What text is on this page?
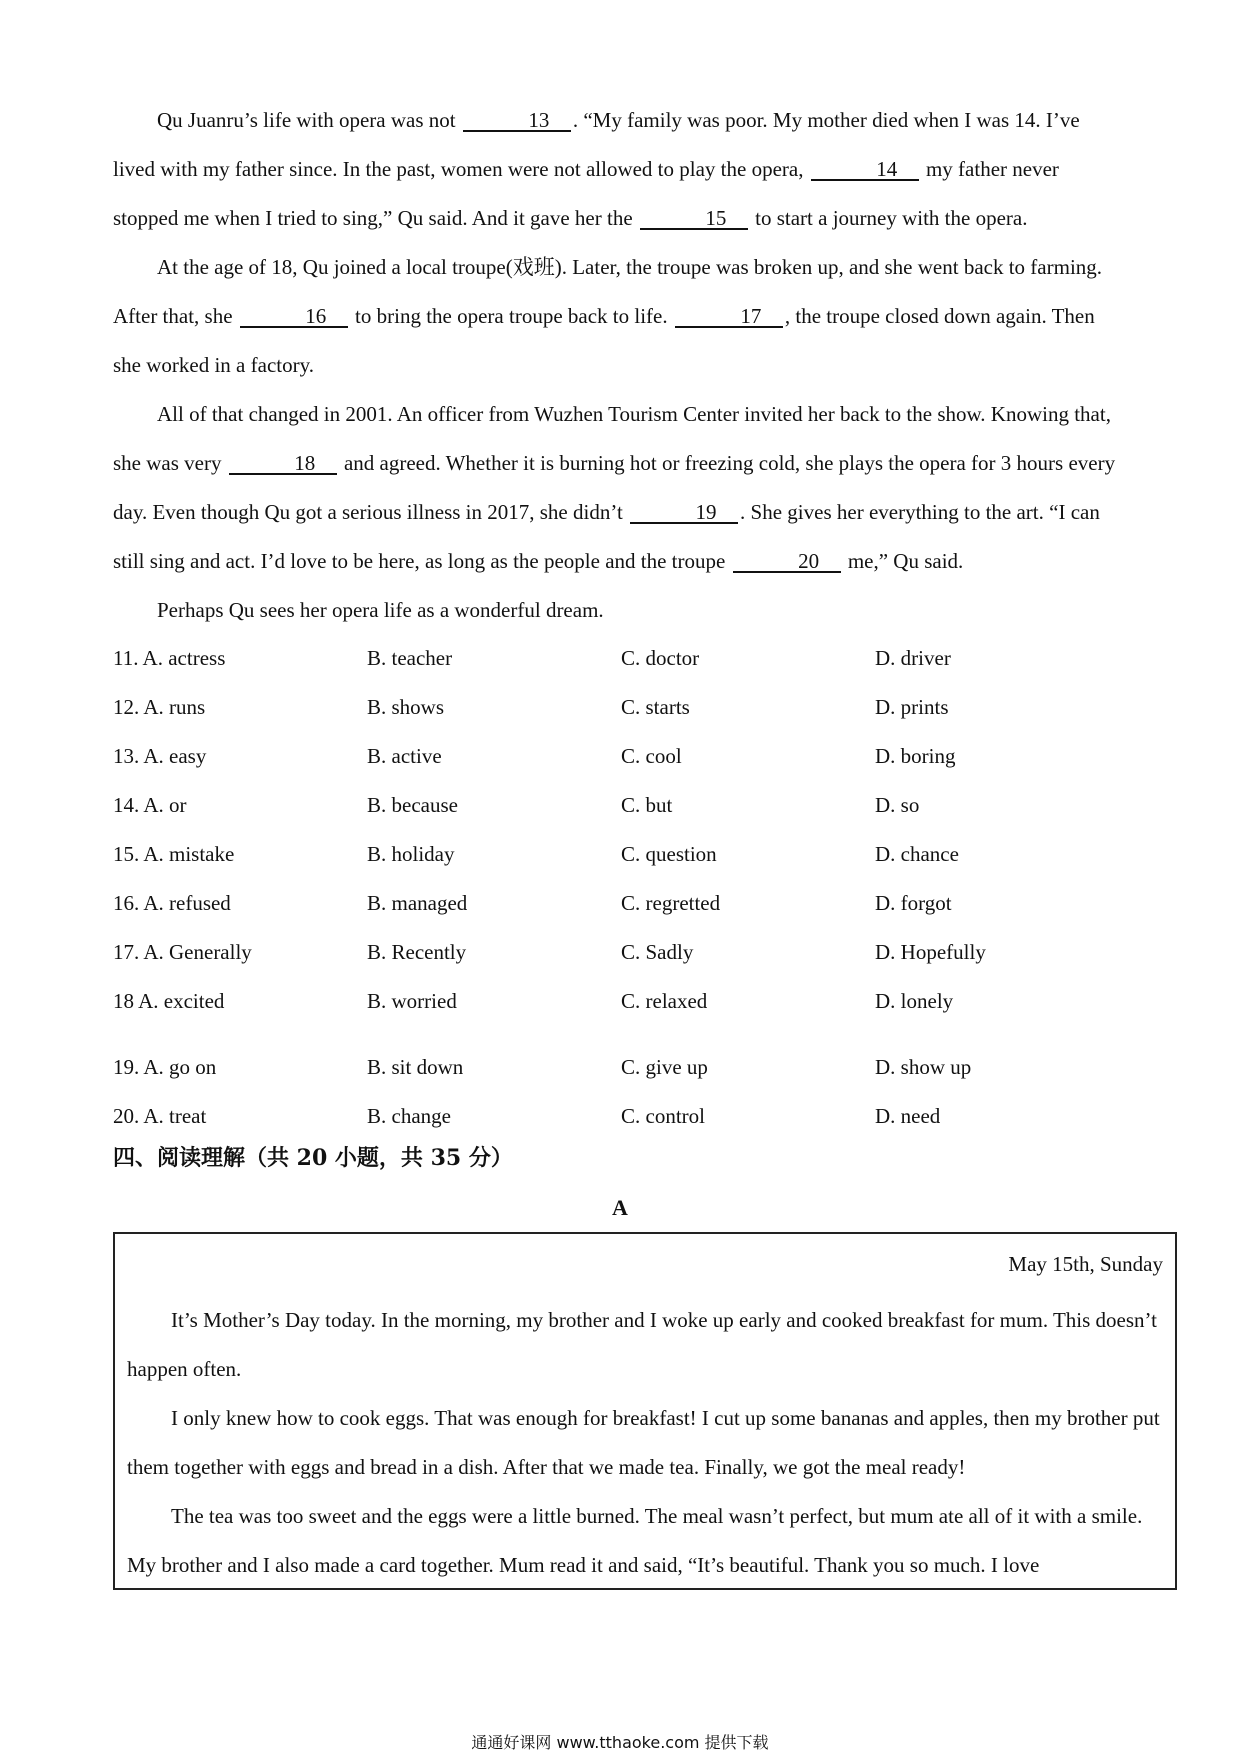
Qu Juanru’s life with opera was not	13 . “My family was poor. My mother died when I was 14. I’ve lived with my father since. In the past, women were not allowed to play the opera,	14 my father never stopped me when I tried to sing,” Qu said. And it gave her the	15 to start a journey with the opera.

At the age of 18, Qu joined a local troupe(戏班). Later, the troupe was broken up, and she went back to farming. After that, she	16 to bring the opera troupe back to life.	17 , the troupe closed down again. Then she worked in a factory.

All of that changed in 2001. An officer from Wuzhen Tourism Center invited her back to the show. Knowing that, she was very	18 and agreed. Whether it is burning hot or freezing cold, she plays the opera for 3 hours every day. Even though Qu got a serious illness in 2017, she didn’t	19 . She gives her everything to the art. “I can still sing and act. I’d love to be here, as long as the people and the troupe	20 me,” Qu said.

Perhaps Qu sees her opera life as a wonderful dream.

11. A. actress	B. teacher	C. doctor	D. driver
12. A. runs	B. shows	C. starts	D. prints
13. A. easy	B. active	C. cool	D. boring
14. A. or	B. because	C. but	D. so
15. A. mistake	B. holiday	C. question	D. chance
16. A. refused	B. managed	C. regretted	D. forgot
17. A. Generally	B. Recently	C. Sadly	D. Hopefully
18 A. excited	B. worried	C. relaxed	D. lonely
19. A. go on	B. sit down	C. give up	D. show up
20. A. treat	B. change	C. control	D. need
四、阅读理解（共 20 小题，共 35 分）
A
May 15th, Sunday

It’s Mother’s Day today. In the morning, my brother and I woke up early and cooked breakfast for mum. This doesn’t happen often.

I only knew how to cook eggs. That was enough for breakfast! I cut up some bananas and apples, then my brother put them together with eggs and bread in a dish. After that we made tea. Finally, we got the meal ready!

The tea was too sweet and the eggs were a little burned. The meal wasn’t perfect, but mum ate all of it with a smile. My brother and I also made a card together. Mum read it and said, “It’s beautiful. Thank you so much. I love

通通好课网 www.tthaoke.com 提供下载
